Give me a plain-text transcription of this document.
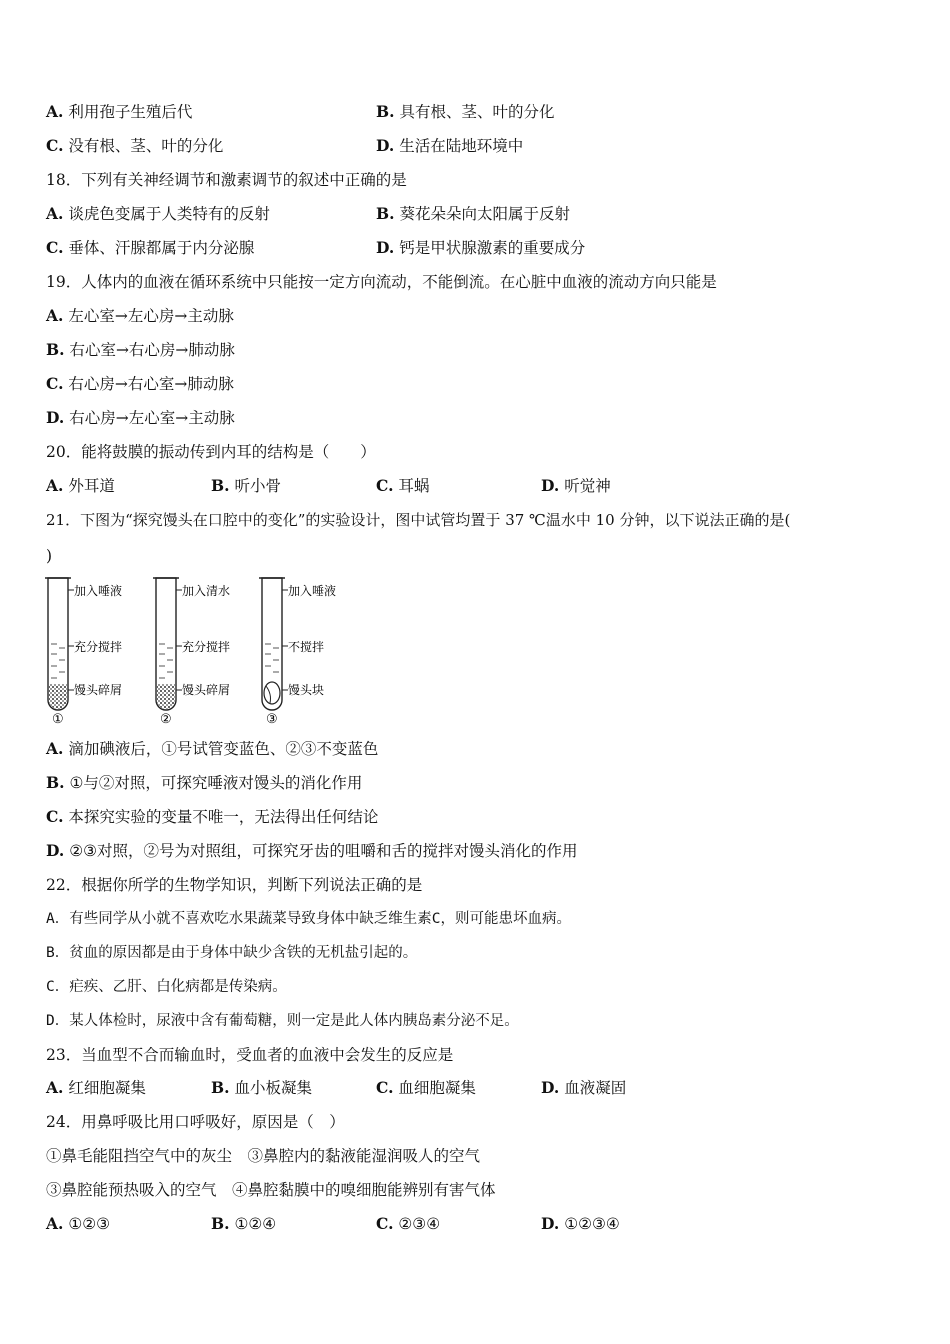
A. 利用孢子生殖后代	B. 具有根、茎、叶的分化
C. 没有根、茎、叶的分化	D. 生活在陆地环境中
18．下列有关神经调节和激素调节的叙述中正确的是
A. 谈虎色变属于人类特有的反射	B. 葵花朵朵向太阳属于反射
C. 垂体、汗腺都属于内分泌腺	D. 钙是甲状腺激素的重要成分
19．人体内的血液在循环系统中只能按一定方向流动，不能倒流。在心脏中血液的流动方向只能是
A. 左心室→左心房→主动脉
B. 右心室→右心房→肺动脉
C. 右心房→右心室→肺动脉
D. 右心房→左心室→主动脉
20．能将鼓膜的振动传到内耳的结构是（　　）
A. 外耳道	B. 听小骨	C. 耳蜗	D. 听觉神
21．下图为“探究馒头在口腔中的变化”的实验设计，图中试管均置于 37 ℃温水中 10 分钟，以下说法正确的是(
)
加入唾液
充分搅拌
馒头碎屑
①
加入清水
充分搅拌
馒头碎屑
②
加入唾液
不搅拌
馒头块
③
A. 滴加碘液后，①号试管变蓝色、②③不变蓝色
B. ①与②对照，可探究唾液对馒头的消化作用
C. 本探究实验的变量不唯一，无法得出任何结论
D. ②③对照，②号为对照组，可探究牙齿的咀嚼和舌的搅拌对馒头消化的作用
22．根据你所学的生物学知识，判断下列说法正确的是
A．有些同学从小就不喜欢吃水果蔬菜导致身体中缺乏维生素C，则可能患坏血病。
B．贫血的原因都是由于身体中缺少含铁的无机盐引起的。
C．疟疾、乙肝、白化病都是传染病。
D．某人体检时，尿液中含有葡萄糖，则一定是此人体内胰岛素分泌不足。
23．当血型不合而输血时，受血者的血液中会发生的反应是
A. 红细胞凝集	B. 血小板凝集	C. 血细胞凝集	D. 血液凝固
24．用鼻呼吸比用口呼吸好，原因是（　）
①鼻毛能阻挡空气中的灰尘　③鼻腔内的黏液能湿润吸人的空气
③鼻腔能预热吸入的空气　④鼻腔黏膜中的嗅细胞能辨别有害气体
A. ①②③	B. ①②④	C. ②③④	D. ①②③④
